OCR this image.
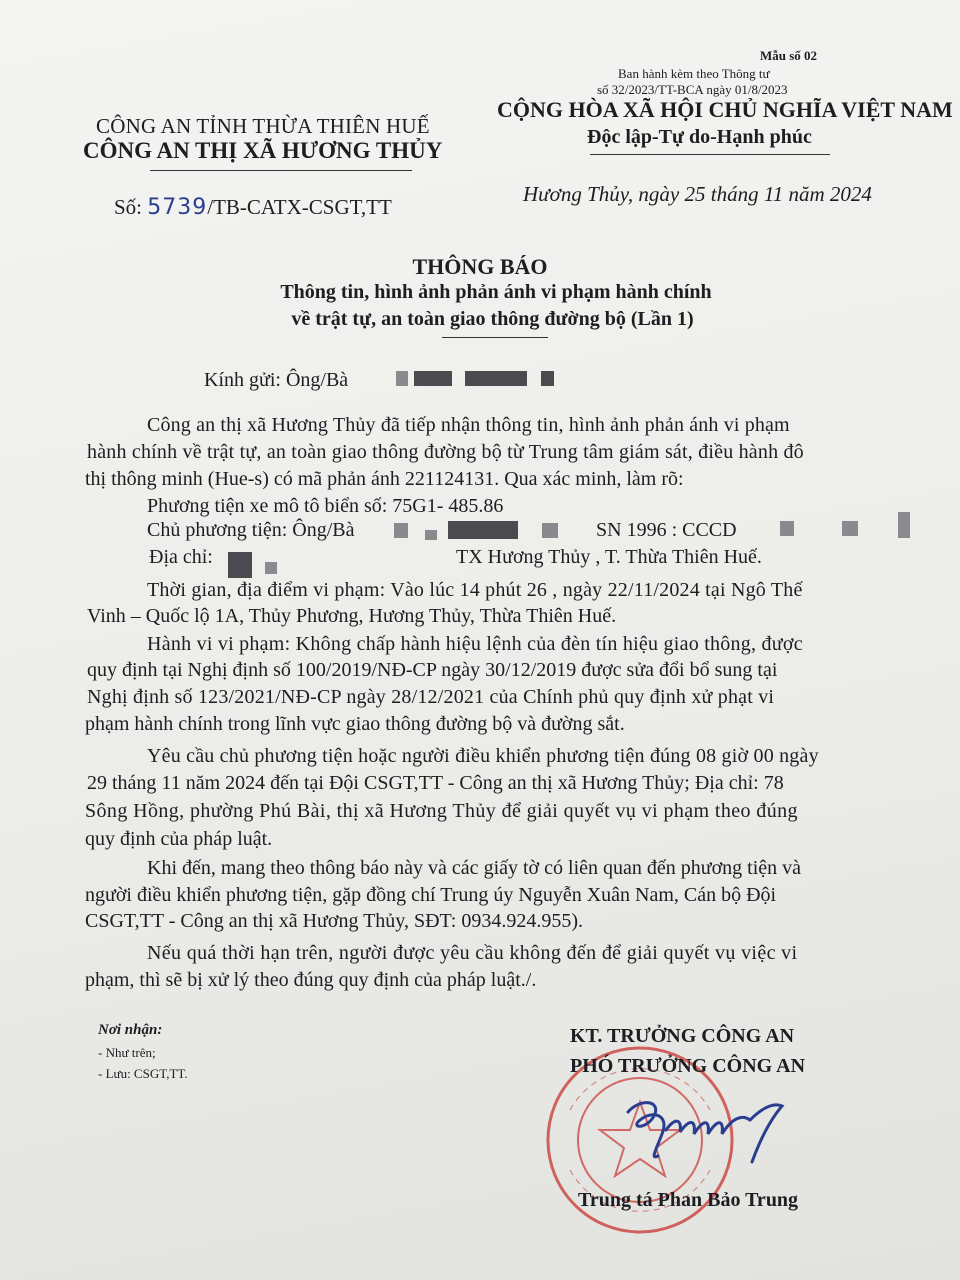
Mẫu số 02
Ban hành kèm theo Thông tư
số 32/2023/TT-BCA ngày 01/8/2023
CÔNG AN TỈNH THỪA THIÊN HUẾ
CÔNG AN THỊ XÃ HƯƠNG THỦY
CỘNG HÒA XÃ HỘI CHỦ NGHĨA VIỆT NAM
Độc lập-Tự do-Hạnh phúc
Số: 5739/TB-CATX-CSGT,TT
Hương Thủy, ngày 25 tháng 11 năm 2024
THÔNG BÁO
Thông tin, hình ảnh phản ánh vi phạm hành chính
về trật tự, an toàn giao thông đường bộ (Lần 1)
Kính gửi: Ông/Bà
Công an thị xã Hương Thủy đã tiếp nhận thông tin, hình ảnh phản ánh vi phạm
hành chính về trật tự, an toàn giao thông đường bộ từ Trung tâm giám sát, điều hành đô
thị thông minh (Hue-s) có mã phản ánh 221124131. Qua xác minh, làm rõ:
Phương tiện xe mô tô biển số: 75G1- 485.86
Chủ phương tiện: Ông/Bà	SN 1996 : CCCD
Địa chỉ:	TX Hương Thủy , T. Thừa Thiên Huế.
Thời gian, địa điểm vi phạm: Vào lúc 14 phút 26 , ngày 22/11/2024 tại Ngô Thế
Vinh – Quốc lộ 1A, Thủy Phương, Hương Thủy, Thừa Thiên Huế.
Hành vi vi phạm: Không chấp hành hiệu lệnh của đèn tín hiệu giao thông, được
quy định tại Nghị định số 100/2019/NĐ-CP ngày 30/12/2019 được sửa đổi bổ sung tại
Nghị định số 123/2021/NĐ-CP ngày 28/12/2021 của Chính phủ quy định xử phạt vi
phạm hành chính trong lĩnh vực giao thông đường bộ và đường sắt.
Yêu cầu chủ phương tiện hoặc người điều khiển phương tiện đúng 08 giờ 00 ngày
29 tháng 11 năm 2024 đến tại Đội CSGT,TT - Công an thị xã Hương Thủy; Địa chỉ: 78
Sông Hồng, phường Phú Bài, thị xã Hương Thủy để giải quyết vụ vi phạm theo đúng
quy định của pháp luật.
Khi đến, mang theo thông báo này và các giấy tờ có liên quan đến phương tiện và
người điều khiển phương tiện, gặp đồng chí Trung úy Nguyễn Xuân Nam, Cán bộ Đội
CSGT,TT - Công an thị xã Hương Thủy, SĐT: 0934.924.955).
Nếu quá thời hạn trên, người được yêu cầu không đến để giải quyết vụ việc vi
phạm, thì sẽ bị xử lý theo đúng quy định của pháp luật./.
Nơi nhận:
- Như trên;
- Lưu: CSGT,TT.
KT. TRƯỞNG CÔNG AN
PHÓ TRƯỞNG CÔNG AN
Trung tá Phan Bảo Trung
